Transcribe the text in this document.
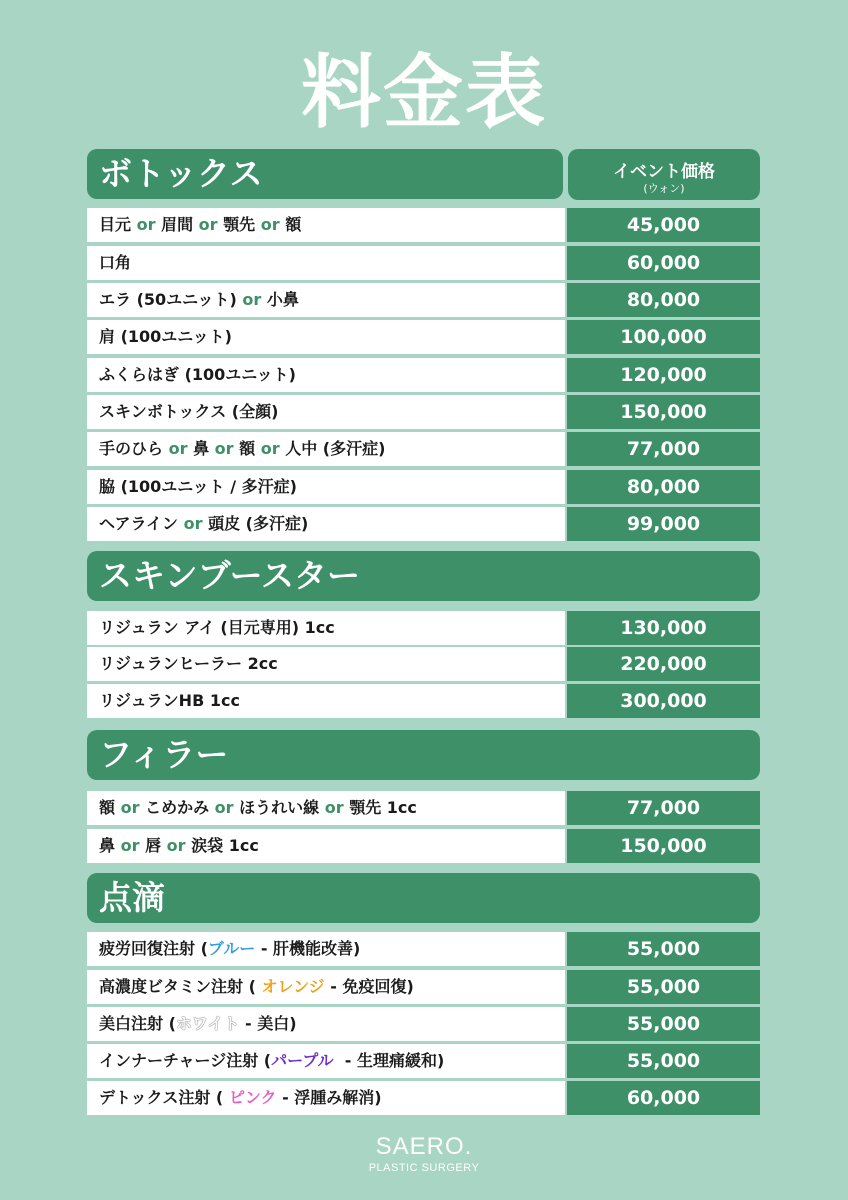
料金表
ボトックス	イベント価格
(ウォン)
目元 or 眉間 or 顎先 or 額	45,000
口角	60,000
エラ (50ユニット) or 小鼻	80,000
肩 (100ユニット)	100,000
ふくらはぎ (100ユニット)	120,000
スキンボトックス (全顔)	150,000
手のひら or 鼻 or 額 or 人中 (多汗症)	77,000
脇 (100ユニット / 多汗症)	80,000
ヘアライン or 頭皮 (多汗症)	99,000
スキンブースター
リジュラン アイ (目元専用) 1cc	130,000
リジュランヒーラー 2cc	220,000
リジュランHB 1cc	300,000
フィラー
額 or こめかみ or ほうれい線 or 顎先 1cc	77,000
鼻 or 唇 or 涙袋 1cc	150,000
点滴
疲労回復注射 (ブルー - 肝機能改善)	55,000
高濃度ビタミン注射 ( オレンジ - 免疫回復)	55,000
美白注射 (ホワイト - 美白)	55,000
インナーチャージ注射 (パープル  - 生理痛緩和)	55,000
デトックス注射 ( ピンク - 浮腫み解消)	60,000
SAERO.
PLASTIC SURGERY
